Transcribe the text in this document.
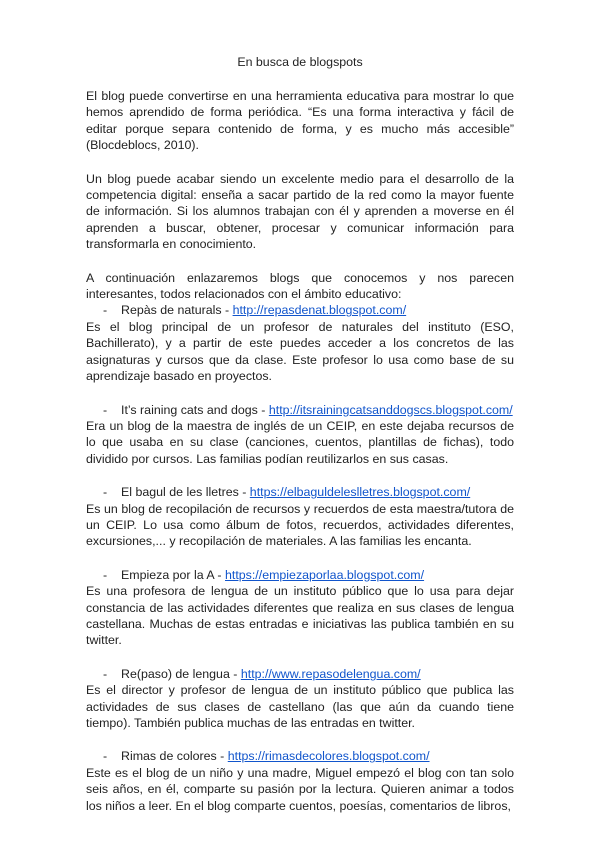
En busca de blogspots

El blog puede convertirse en una herramienta educativa para mostrar lo que hemos aprendido de forma periódica. “Es una forma interactiva y fácil de editar porque separa contenido de forma, y es mucho más accesible” (Blocdeblocs, 2010).

Un blog puede acabar siendo un excelente medio para el desarrollo de la competencia digital: enseña a sacar partido de la red como la mayor fuente de información. Si los alumnos trabajan con él y aprenden a moverse en él aprenden a buscar, obtener, procesar y comunicar información para transformarla en conocimiento.

A continuación enlazaremos blogs que conocemos y nos parecen interesantes, todos relacionados con el ámbito educativo:

- Repàs de naturals - http://repasdenat.blogspot.com/

Es el blog principal de un profesor de naturales del instituto (ESO, Bachillerato), y a partir de este puedes acceder a los concretos de las asignaturas y cursos que da clase. Este profesor lo usa como base de su aprendizaje basado en proyectos.

- It’s raining cats and dogs - http://itsrainingcatsanddogscs.blogspot.com/

Era un blog de la maestra de inglés de un CEIP, en este dejaba recursos de lo que usaba en su clase (canciones, cuentos, plantillas de fichas), todo dividido por cursos. Las familias podían reutilizarlos en sus casas.

- El bagul de les lletres - https://elbaguldeleslletres.blogspot.com/

Es un blog de recopilación de recursos y recuerdos de esta maestra/tutora de un CEIP. Lo usa como álbum de fotos, recuerdos, actividades diferentes, excursiones,... y recopilación de materiales. A las familias les encanta.

- Empieza por la A - https://empiezaporlaa.blogspot.com/

Es una profesora de lengua de un instituto público que lo usa para dejar constancia de las actividades diferentes que realiza en sus clases de lengua castellana. Muchas de estas entradas e iniciativas las publica también en su twitter.

- Re(paso) de lengua - http://www.repasodelengua.com/

Es el director y profesor de lengua de un instituto público que publica las actividades de sus clases de castellano (las que aún da cuando tiene tiempo). También publica muchas de las entradas en twitter.

- Rimas de colores - https://rimasdecolores.blogspot.com/

Este es el blog de un niño y una madre, Miguel empezó el blog con tan solo seis años, en él, comparte su pasión por la lectura. Quieren animar a todos los niños a leer. En el blog comparte cuentos, poesías, comentarios de libros,
